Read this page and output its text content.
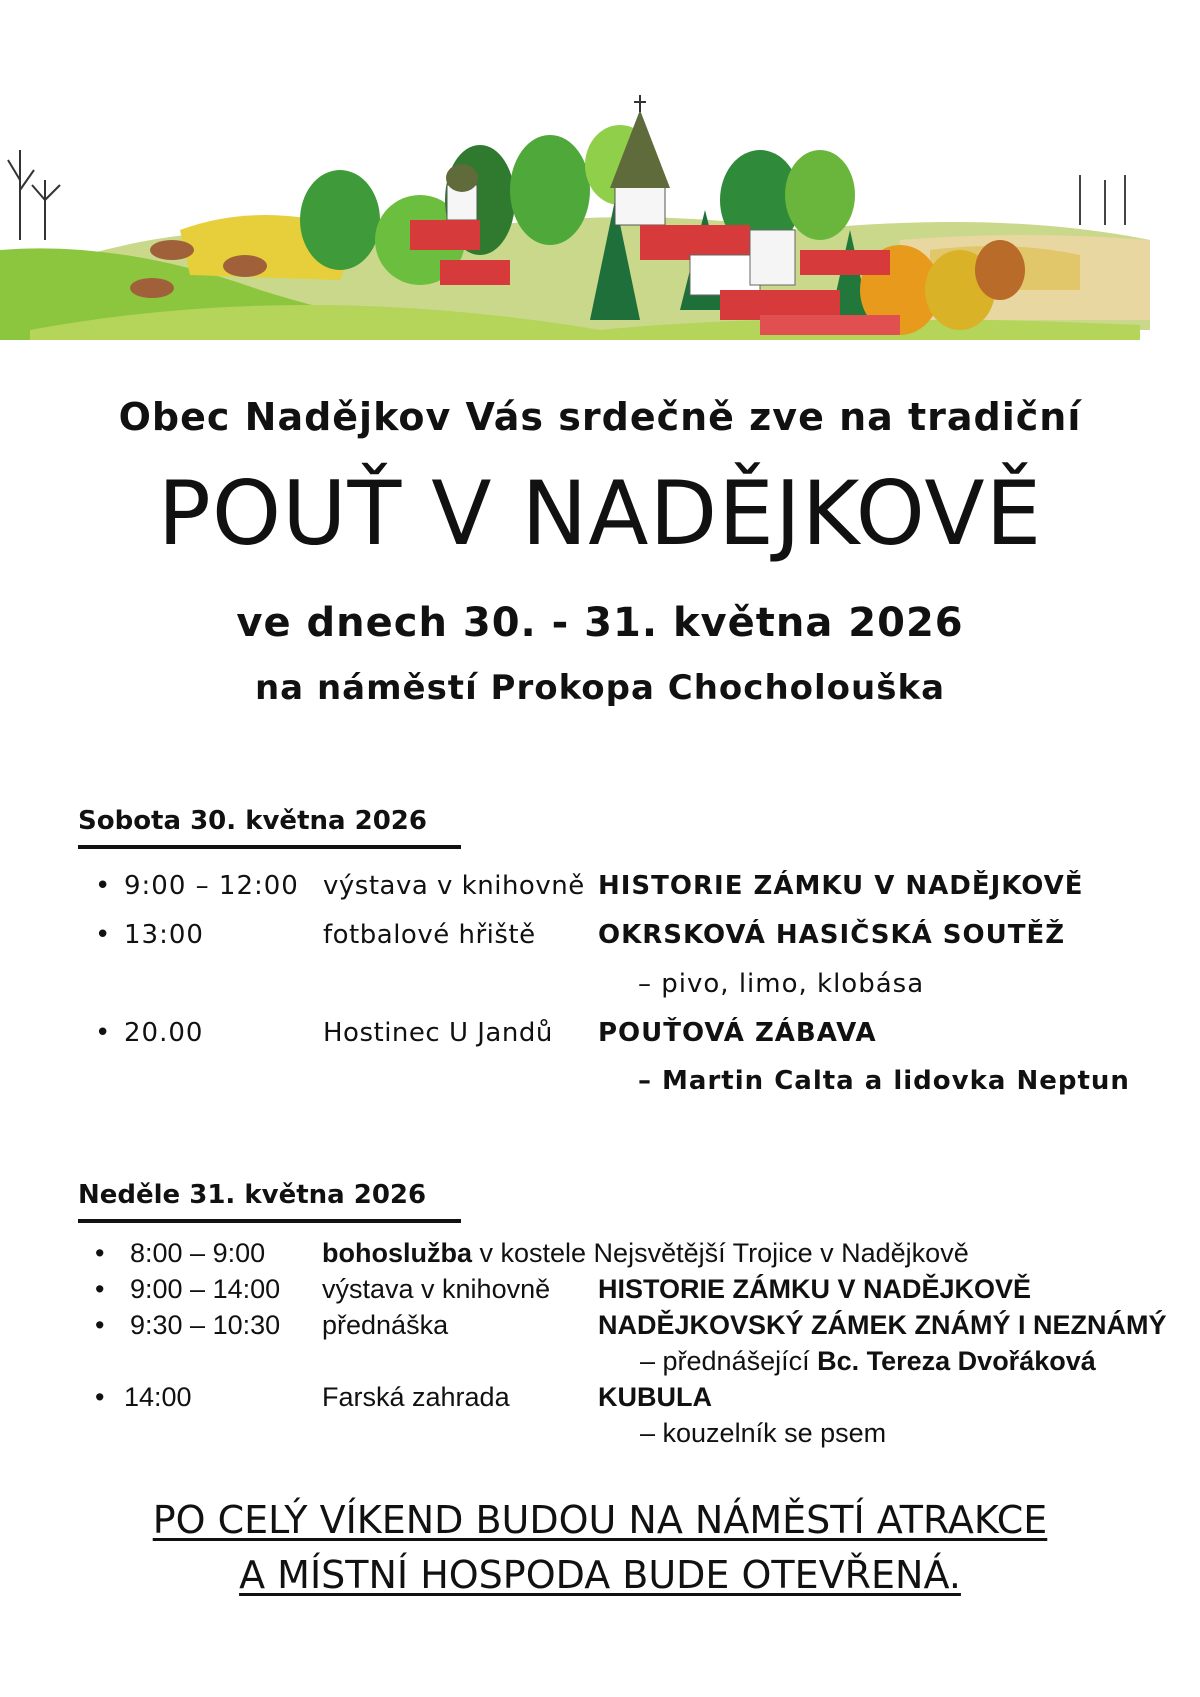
Obec Nadějkov Vás srdečně zve na tradiční
POUŤ V NADĚJKOVĚ
ve dnech 30. - 31. května 2026
na náměstí Prokopa Chocholouška
Sobota 30. května 2026
• 9:00 – 12:00 výstava v knihovně HISTORIE ZÁMKU V NADĚJKOVĚ
• 13:00	fotbalové hřiště OKRSKOVÁ HASIČSKÁ SOUTĚŽ
– pivo, limo, klobása
• 20.00	Hostinec U Jandů POUŤOVÁ ZÁBAVA
– Martin Calta a lidovka Neptun
Neděle 31. května 2026
• 8:00 – 9:00 bohoslužba v kostele Nejsvětější Trojice v Nadějkově
• 9:00 – 14:00 výstava v knihovně HISTORIE ZÁMKU V NADĚJKOVĚ
• 9:30 – 10:30 přednáška	NADĚJKOVSKÝ ZÁMEK ZNÁMÝ I NEZNÁMÝ
– přednášející Bc. Tereza Dvořáková
• 14:00	Farská zahrada	KUBULA
– kouzelník se psem
PO CELÝ VÍKEND BUDOU NA NÁMĚSTÍ ATRAKCE
A MÍSTNÍ HOSPODA BUDE OTEVŘENÁ.
